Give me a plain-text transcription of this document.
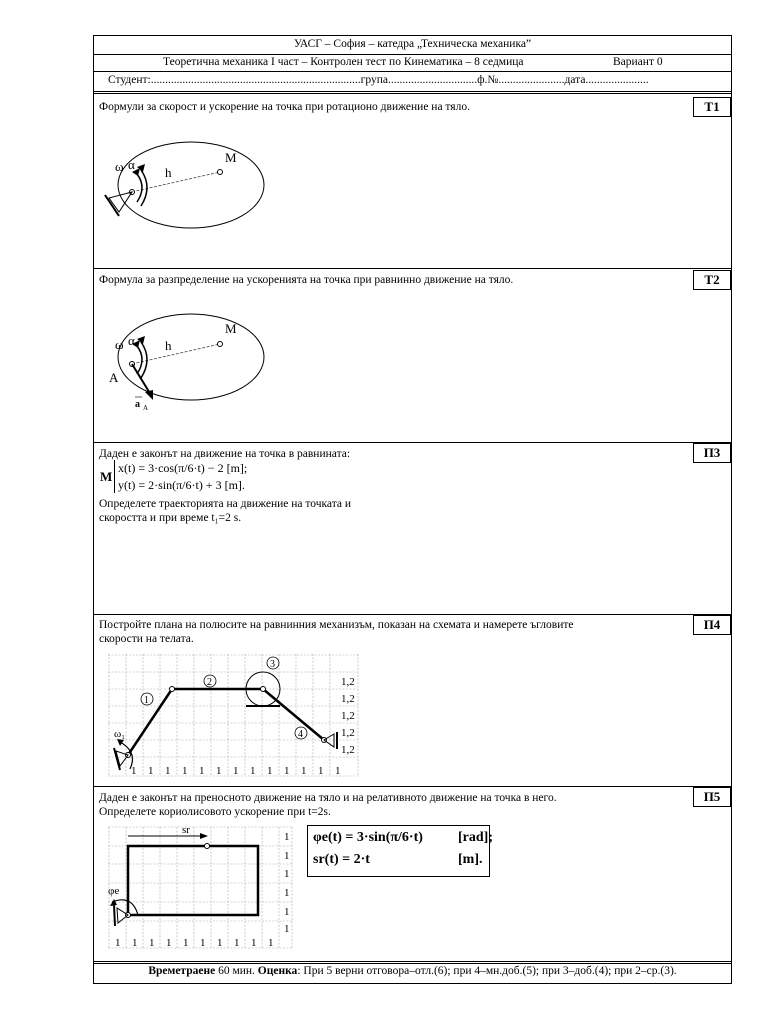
УАСГ – София – катедра „Техническа механика”
Теоретична механика I част – Контролен тест по Кинематика – 8 седмица	Вариант 0
Студент:.........................................................................група...............................ф.№.......................дата......................
Формули за скорост и ускорение на точка при ротационо движение на тяло.	T1
ω α
h
M
Формула за разпределение на ускоренията на точка при равнинно движение на тяло.	T2
ω α h
M
A
a A
Даден е законът на движение на точка в равнината:	П3
M
x(t) = 3·cos(π/6·t) − 2 [m];
y(t) = 2·sin(π/6·t) + 3 [m].
Определете траекторията на движение на точката и
скоростта и при време t₁=2 s.
Постройте плана на полюсите на равнинния механизъм, показан на схемата и намерете ъгловите
скорости на телата.
П4
1
2
3
4
ω₁
1,2
1,2
1,2
1,2
1,2
1 1 1 1 1 1 1 1 1 1 1 1 1
Даден е законът на преносното движение на тяло и на релативното движение на точка в него.
Определете кориолисовото ускорение при t=2s.
П5
sr
φe
1
1
1
1
1
1
1 1 1 1 1 1 1 1 1 1
φe(t) = 3·sin(π/6·t)	[rad];
sr(t) = 2·t	[m].
Времетраене 60 мин. Оценка: При 5 верни отговора–отл.(6); при 4–мн.доб.(5); при 3–доб.(4); при 2–ср.(3).
